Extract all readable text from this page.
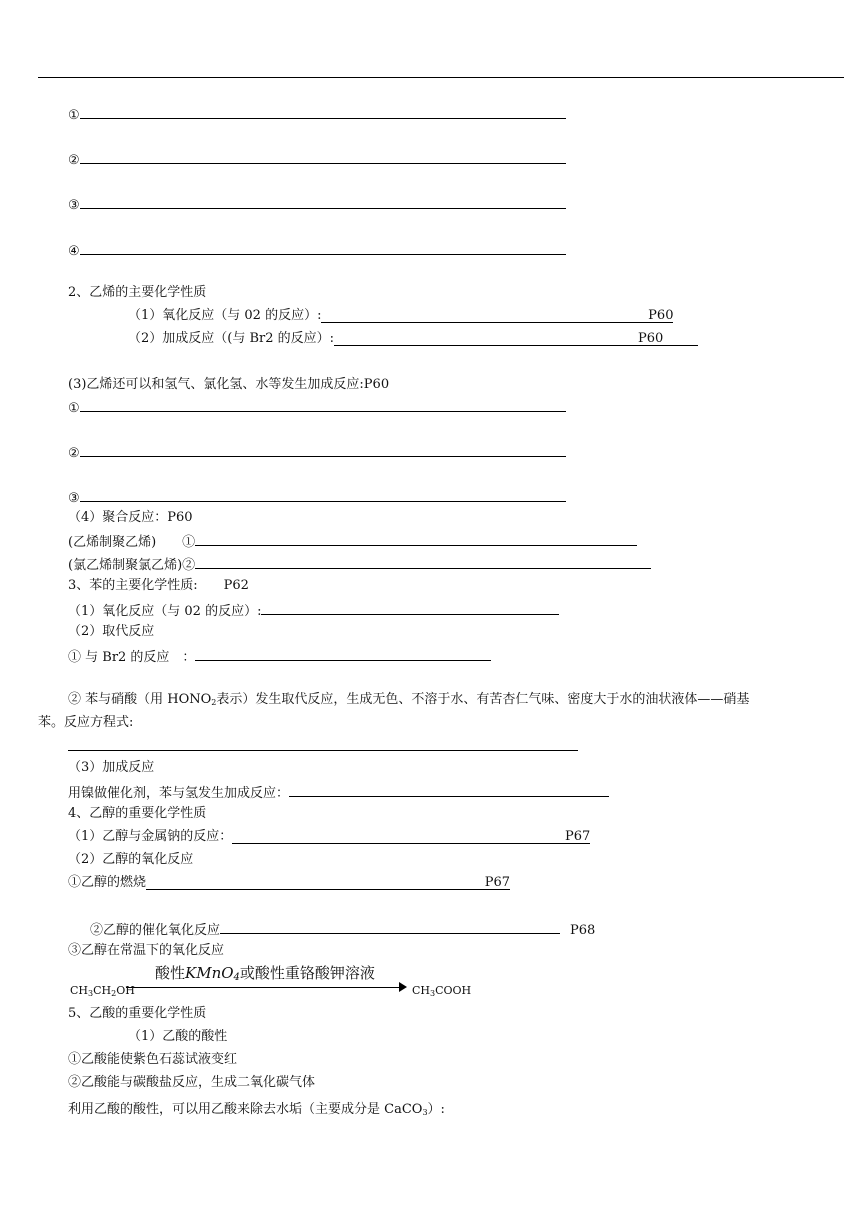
①
②
③
④
2、乙烯的主要化学性质
（1）氧化反应（与 02 的反应）:	P60
（2）加成反应（(与 Br2 的反应）:	P60
(3)乙烯还可以和氢气、氯化氢、水等发生加成反应:P60
①
②
③
（4）聚合反应：P60
(乙烯制聚乙烯)　　①
(氯乙烯制聚氯乙烯)②
3、苯的主要化学性质:　　P62
（1）氧化反应（与 02 的反应）:
（2）取代反应
① 与 Br2 的反应　：
② 苯与硝酸（用 $HONO_2$表示）发生取代反应，生成无色、不溶于水、有苦杏仁气味、密度大于水的油状液体——硝基
苯。反应方程式:
（3）加成反应
用镍做催化剂，苯与氢发生加成反应：
4、乙醇的重要化学性质
（1）乙醇与金属钠的反应：	P67
（2）乙醇的氧化反应
①乙醇的燃烧	P67
②乙醇的催化氧化反应	P68
③乙醇在常温下的氧化反应
酸性KMnO$_4$或酸性重铬酸钾溶液
$CH_3CH_2OH$	$CH_3COOH$
5、乙酸的重要化学性质
（1）乙酸的酸性
①乙酸能使紫色石蕊试液变红
②乙酸能与碳酸盐反应，生成二氧化碳气体
利用乙酸的酸性，可以用乙酸来除去水垢（主要成分是 CaCO$_3$）:
